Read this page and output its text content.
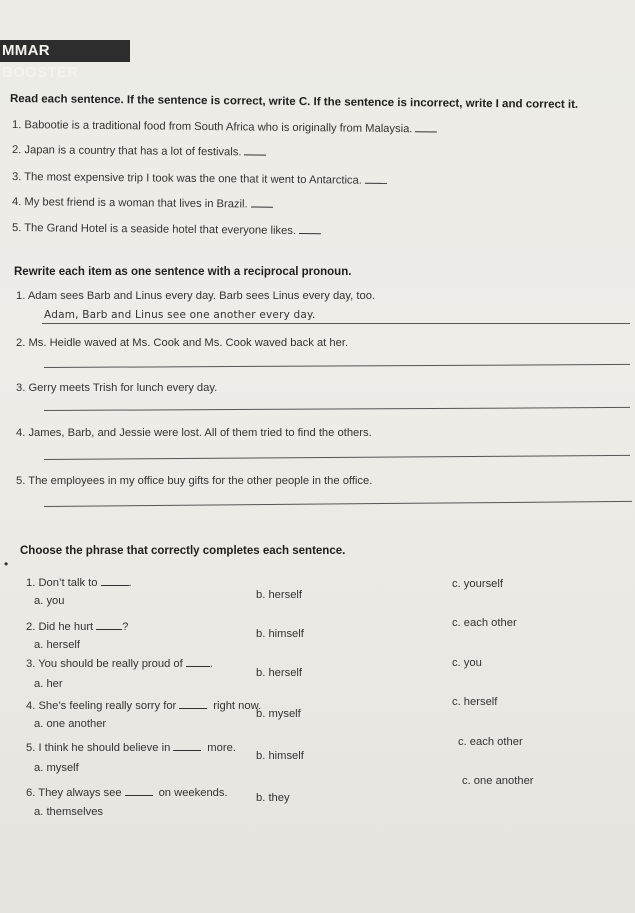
MMAR BOOSTER
Read each sentence. If the sentence is correct, write C. If the sentence is incorrect, write I and correct it.
1. Babootie is a traditional food from South Africa who is originally from Malaysia.
2. Japan is a country that has a lot of festivals.
3. The most expensive trip I took was the one that it went to Antarctica.
4. My best friend is a woman that lives in Brazil.
5. The Grand Hotel is a seaside hotel that everyone likes.
Rewrite each item as one sentence with a reciprocal pronoun.
1. Adam sees Barb and Linus every day. Barb sees Linus every day, too.
Adam, Barb and Linus see one another every day.
2. Ms. Heidle waved at Ms. Cook and Ms. Cook waved back at her.
3. Gerry meets Trish for lunch every day.
4. James, Barb, and Jessie were lost. All of them tried to find the others.
5. The employees in my office buy gifts for the other people in the office.
•
Choose the phrase that correctly completes each sentence.
1. Don’t talk to	.
a. you	b. herself
c. yourself
2. Did he hurt	?
a. herself
b. himself
c. each other
3. You should be really proud of .
a. her
b. herself
c. you
4. She’s feeling really sorry for	right now.
a. one another
b. myself
c. herself
5. I think he should believe in	more.
a. myself
b. himself
c. each other
6. They always see	on weekends.
a. themselves
b. they
c. one another
